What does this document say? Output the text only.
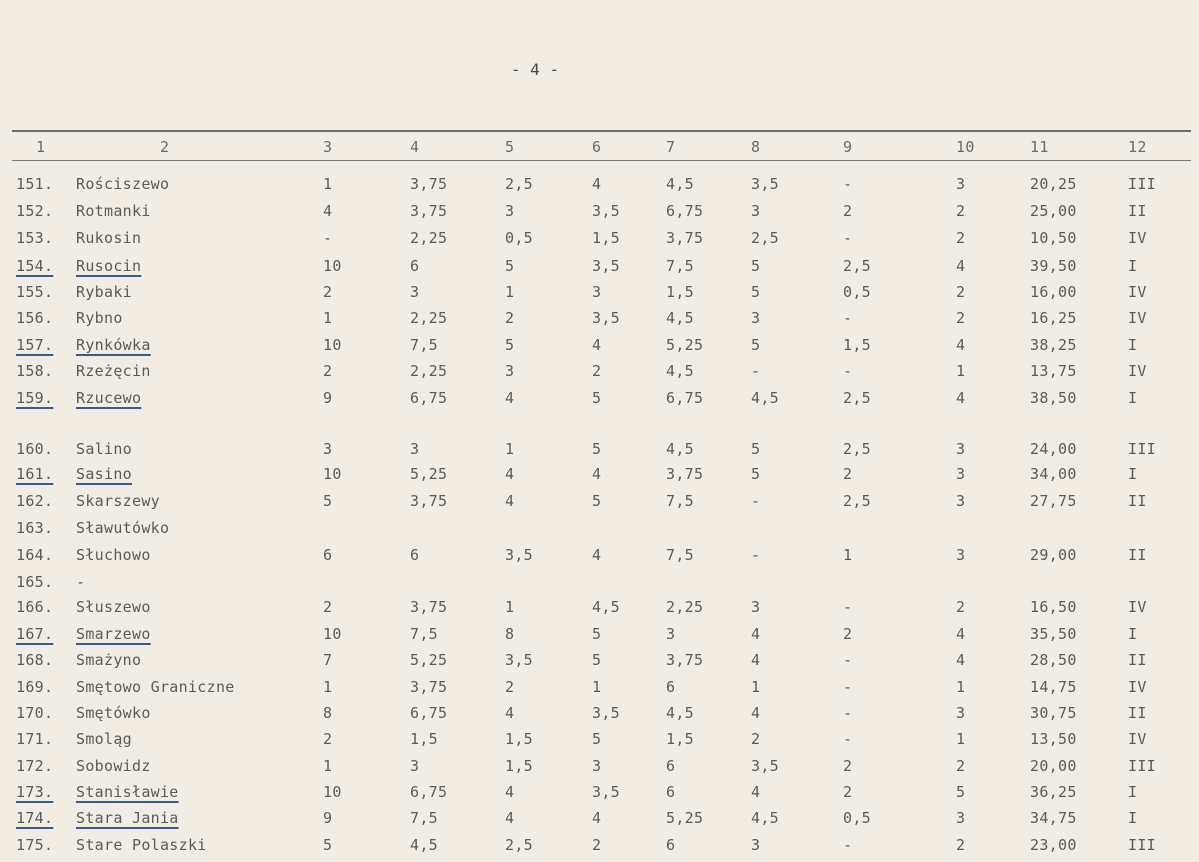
- 4 -
1	2	3	4	5	6	7	8	9	10	11	12
151. Rościszewo	1	3,75	2,5	4	4,5	3,5	-	3	20,25	III
152. Rotmanki	4	3,75	3	3,5	6,75	3	2	2	25,00	II
153. Rukosin	-	2,25	0,5	1,5	3,75	2,5	-	2	10,50	IV
154. Rusocin	10	6	5	3,5	7,5	5	2,5	4	39,50	I
155. Rybaki	2	3	1	3	1,5	5	0,5	2	16,00	IV
156. Rybno	1	2,25	2	3,5	4,5	3	-	2	16,25	IV
157. Rynkówka	10	7,5	5	4	5,25	5	1,5	4	38,25	I
158. Rzeżęcin	2	2,25	3	2	4,5	-	-	1	13,75	IV
159. Rzucewo	9	6,75	4	5	6,75	4,5	2,5	4	38,50	I
160. Salino	3	3	1	5	4,5	5	2,5	3	24,00	III
161. Sasino	10	5,25	4	4	3,75	5	2	3	34,00	I
162. Skarszewy	5	3,75	4	5	7,5	-	2,5	3	27,75	II
163. Sławutówko
164. Słuchowo	6	6	3,5	4	7,5	-	1	3	29,00	II
165. -
166. Słuszewo	2	3,75	1	4,5	2,25	3	-	2	16,50	IV
167. Smarzewo	10	7,5	8	5	3	4	2	4	35,50	I
168. Smażyno	7	5,25	3,5	5	3,75	4	-	4	28,50	II
169. Smętowo Graniczne	1	3,75	2	1	6	1	-	1	14,75	IV
170. Smętówko	8	6,75	4	3,5	4,5	4	-	3	30,75	II
171. Smoląg	2	1,5	1,5	5	1,5	2	-	1	13,50	IV
172. Sobowidz	1	3	1,5	3	6	3,5	2	2	20,00	III
173. Stanisławie	10	6,75	4	3,5	6	4	2	5	36,25	I
174. Stara Jania	9	7,5	4	4	5,25	4,5	0,5	3	34,75	I
175. Stare Polaszki	5	4,5	2,5	2	6	3	-	2	23,00	III
